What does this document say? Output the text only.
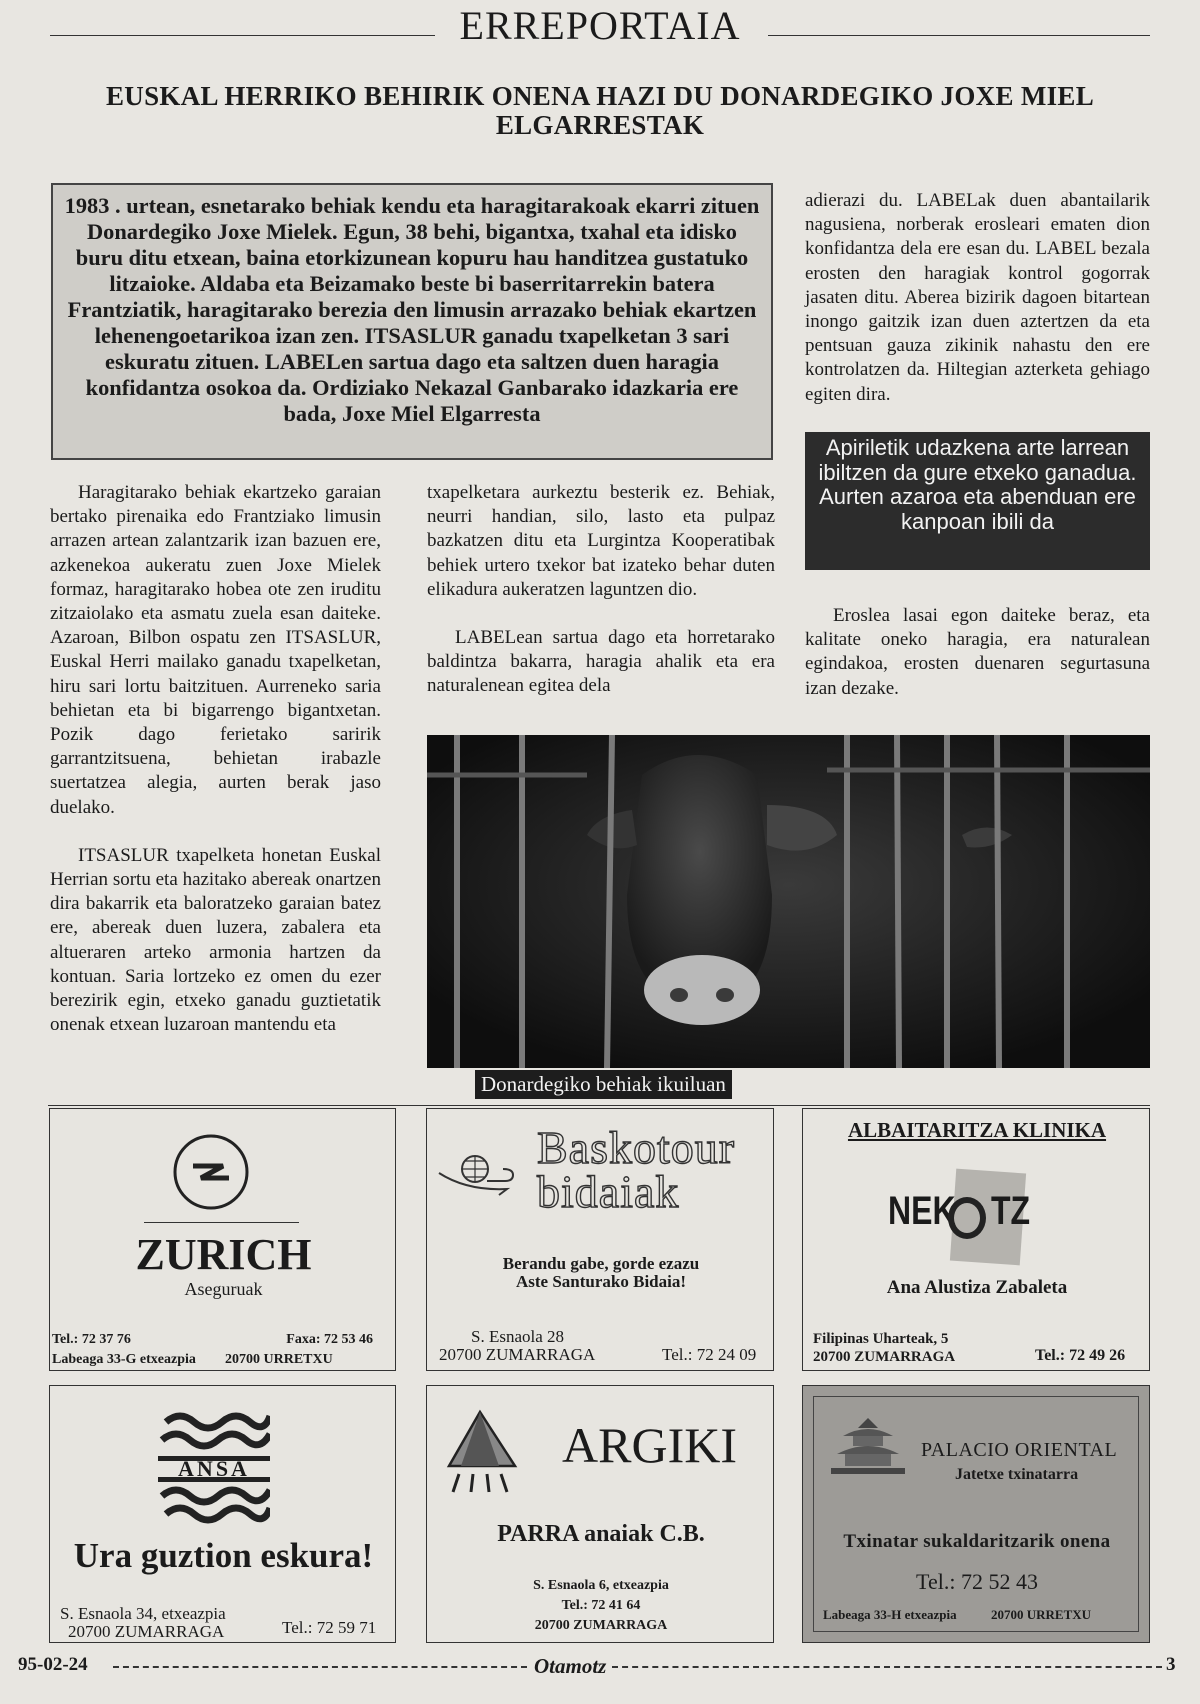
ERREPORTAIA
EUSKAL HERRIKO BEHIRIK ONENA HAZI DU DONARDEGIKO JOXE MIEL ELGARRESTAK
1983 . urtean, esnetarako behiak kendu eta haragitarakoak ekarri zituen Donardegiko Joxe Mielek. Egun, 38 behi, bigantxa, txahal eta idisko buru ditu etxean, baina etorkizunean kopuru hau handitzea gustatuko litzaioke. Aldaba eta Beizamako beste bi baserritarrekin batera Frantziatik, haragitarako berezia den limusin arrazako behiak ekartzen lehenengoetarikoa izan zen. ITSASLUR ganadu txapelketan 3 sari eskuratu zituen. LABELen sartua dago eta saltzen duen haragia konfidantza osokoa da. Ordiziako Nekazal Ganbarako idazkaria ere bada, Joxe Miel Elgarresta

Haragitarako behiak ekartzeko garaian bertako pirenaika edo Frantziako limusin arrazen artean zalantzarik izan bazuen ere, azkenekoa aukeratu zuen Joxe Mielek formaz, haragitarako hobea ote zen iruditu zitzaiolako eta asmatu zuela esan daiteke. Azaroan, Bilbon ospatu zen ITSASLUR, Euskal Herri mailako ganadu txapelketan, hiru sari lortu baitzituen. Aurreneko saria behietan eta bi bigarrengo bigantxetan. Pozik dago ferietako saririk garrantzitsuena, behietan irabazle suertatzea alegia, aurten berak jaso duelako.

ITSASLUR txapelketa honetan Euskal Herrian sortu eta hazitako abereak onartzen dira bakarrik eta baloratzeko garaian batez ere, abereak duen luzera, zabalera eta altueraren arteko armonia hartzen da kontuan. Saria lortzeko ez omen du ezer berezirik egin, etxeko ganadu guztietatik onenak etxean luzaroan mantendu eta

txapelketara aurkeztu besterik ez. Behiak, neurri handian, silo, lasto eta pulpaz bazkatzen ditu eta Lurgintza Kooperatibak behiek urtero txekor bat izateko behar duten elikadura aukeratzen laguntzen dio.

LABELean sartua dago eta horretarako baldintza bakarra, haragia ahalik eta era naturalenean egitea dela

adierazi du. LABELak duen abantailarik nagusiena, norberak erosleari ematen dion konfidantza dela ere esan du. LABEL bezala erosten den haragiak kontrol gogorrak jasaten ditu. Aberea bizirik dagoen bitartean inongo gaitzik izan duen aztertzen da eta pentsuan gauza zikinik nahastu den ere kontrolatzen da. Hiltegian azterketa gehiago egiten dira.

Apiriletik udazkena arte larrean ibiltzen da gure etxeko ganadua. Aurten azaroa eta abenduan ere kanpoan ibili da

Eroslea lasai egon daiteke beraz, eta kalitate oneko haragia, era naturalean egindakoa, erosten duenaren segurtasuna izan dezake.

Donardegiko behiak ikuiluan
ZURICH
Aseguruak
Tel.: 72 37 76	Faxa: 72 53 46
Labeaga 33-G etxeazpia 20700 URRETXU
Baskotour
bidaiak
Berandu gabe, gorde ezazu
Aste Santurako Bidaia!
S. Esnaola 28
20700 ZUMARRAGA	Tel.: 72 24 09
ALBAITARITZA KLINIKA
NEK TZ
Ana Alustiza Zabaleta
Filipinas Uharteak, 5
20700 ZUMARRAGA	Tel.: 72 49 26
ANSA
Ura guztion eskura!
S. Esnaola 34, etxeazpia
20700 ZUMARRAGA	Tel.: 72 59 71
ARGIKI
PARRA anaiak C.B.
S. Esnaola 6, etxeazpia
Tel.: 72 41 64
20700 ZUMARRAGA
PALACIO ORIENTAL
Jatetxe txinatarra
Txinatar sukaldaritzarik onena
Tel.: 72 52 43
Labeaga 33-H etxeazpia	20700 URRETXU
95-02-24	Otamotz	3
